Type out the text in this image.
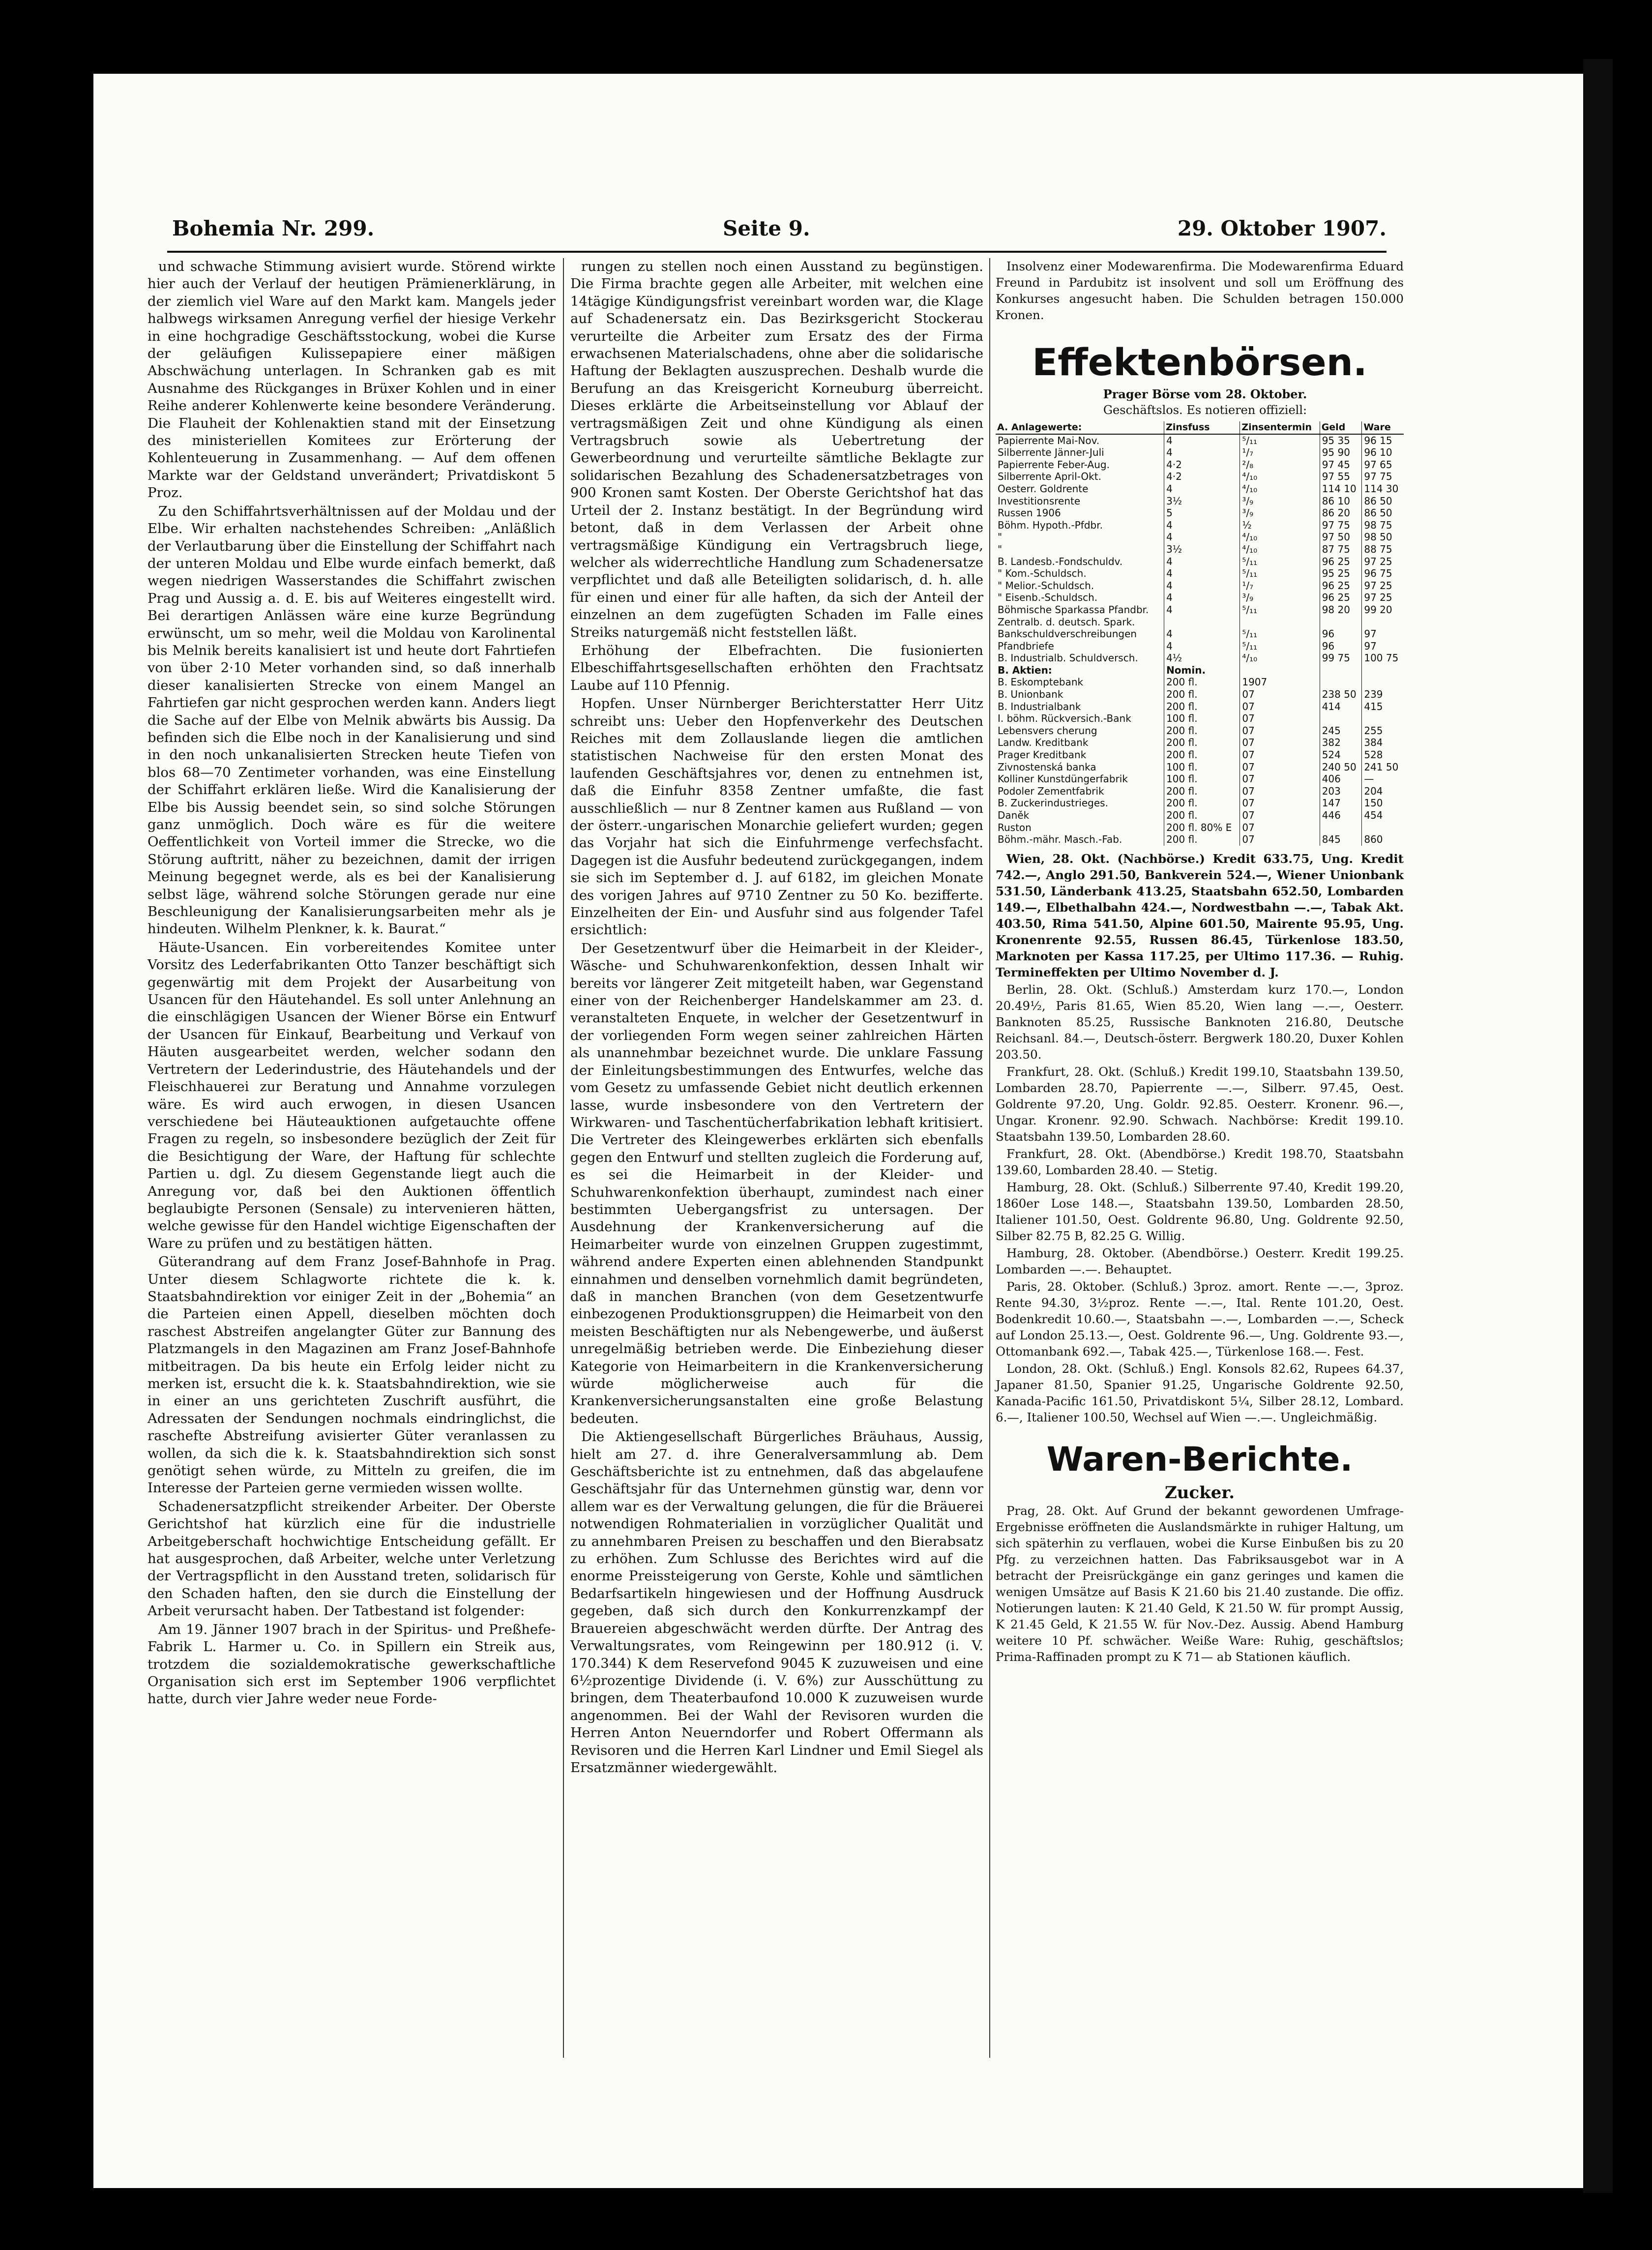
Bohemia Nr. 299.	Seite 9.	29. Oktober 1907.

und schwache Stimmung avisiert wurde. Störend wirkte hier auch der Verlauf der heutigen Prämienerklärung, in der ziemlich viel Ware auf den Markt kam. Mangels jeder halbwegs wirksamen Anregung verfiel der hiesige Verkehr in eine hochgradige Geschäftsstockung, wobei die Kurse der geläufigen Kulissepapiere einer mäßigen Abschwächung unterlagen. In Schranken gab es mit Ausnahme des Rückganges in Brüxer Kohlen und in einer Reihe anderer Kohlenwerte keine besondere Veränderung. Die Flauheit der Kohlenaktien stand mit der Einsetzung des ministeriellen Komitees zur Erörterung der Kohlenteuerung in Zusammenhang. — Auf dem offenen Markte war der Geldstand unverändert; Privatdiskont 5 Proz.

Zu den Schiffahrtsverhältnissen auf der Moldau und der Elbe. Wir erhalten nachstehendes Schreiben: „Anläßlich der Verlautbarung über die Einstellung der Schiffahrt nach der unteren Moldau und Elbe wurde einfach bemerkt, daß wegen niedrigen Wasserstandes die Schiffahrt zwischen Prag und Aussig a. d. E. bis auf Weiteres eingestellt wird. Bei derartigen Anlässen wäre eine kurze Begründung erwünscht, um so mehr, weil die Moldau von Karolinental bis Melnik bereits kanalisiert ist und heute dort Fahrtiefen von über 2·10 Meter vorhanden sind, so daß innerhalb dieser kanalisierten Strecke von einem Mangel an Fahrtiefen gar nicht gesprochen werden kann. Anders liegt die Sache auf der Elbe von Melnik abwärts bis Aussig. Da befinden sich die Elbe noch in der Kanalisierung und sind in den noch unkanalisierten Strecken heute Tiefen von blos 68—70 Zentimeter vorhanden, was eine Einstellung der Schiffahrt erklären ließe. Wird die Kanalisierung der Elbe bis Aussig beendet sein, so sind solche Störungen ganz unmöglich. Doch wäre es für die weitere Oeffentlichkeit von Vorteil immer die Strecke, wo die Störung auftritt, näher zu bezeichnen, damit der irrigen Meinung begegnet werde, als es bei der Kanalisierung selbst läge, während solche Störungen gerade nur eine Beschleunigung der Kanalisierungsarbeiten mehr als je hindeuten. Wilhelm Plenkner, k. k. Baurat.“

Häute-Usancen. Ein vorbereitendes Komitee unter Vorsitz des Lederfabrikanten Otto Tanzer beschäftigt sich gegenwärtig mit dem Projekt der Ausarbeitung von Usancen für den Häutehandel. Es soll unter Anlehnung an die einschlägigen Usancen der Wiener Börse ein Entwurf der Usancen für Einkauf, Bearbeitung und Verkauf von Häuten ausgearbeitet werden, welcher sodann den Vertretern der Lederindustrie, des Häutehandels und der Fleischhauerei zur Beratung und Annahme vorzulegen wäre. Es wird auch erwogen, in diesen Usancen verschiedene bei Häuteauktionen aufgetauchte offene Fragen zu regeln, so insbesondere bezüglich der Zeit für die Besichtigung der Ware, der Haftung für schlechte Partien u. dgl. Zu diesem Gegenstande liegt auch die Anregung vor, daß bei den Auktionen öffentlich beglaubigte Personen (Sensale) zu intervenieren hätten, welche gewisse für den Handel wichtige Eigenschaften der Ware zu prüfen und zu bestätigen hätten.

Güterandrang auf dem Franz Josef-Bahnhofe in Prag. Unter diesem Schlagworte richtete die k. k. Staatsbahndirektion vor einiger Zeit in der „Bohemia“ an die Parteien einen Appell, dieselben möchten doch raschest Abstreifen angelangter Güter zur Bannung des Platzmangels in den Magazinen am Franz Josef-Bahnhofe mitbeitragen. Da bis heute ein Erfolg leider nicht zu merken ist, ersucht die k. k. Staatsbahndirektion, wie sie in einer an uns gerichteten Zuschrift ausführt, die Adressaten der Sendungen nochmals eindringlichst, die raschefte Abstreifung avisierter Güter veranlassen zu wollen, da sich die k. k. Staatsbahndirektion sich sonst genötigt sehen würde, zu Mitteln zu greifen, die im Interesse der Parteien gerne vermieden wissen wollte.

Schadenersatzpflicht streikender Arbeiter. Der Oberste Gerichtshof hat kürzlich eine für die industrielle Arbeitgeberschaft hochwichtige Entscheidung gefällt. Er hat ausgesprochen, daß Arbeiter, welche unter Verletzung der Vertragspflicht in den Ausstand treten, solidarisch für den Schaden haften, den sie durch die Einstellung der Arbeit verursacht haben. Der Tatbestand ist folgender:

Am 19. Jänner 1907 brach in der Spiritus- und Preßhefe-Fabrik L. Harmer u. Co. in Spillern ein Streik aus, trotzdem die sozialdemokratische gewerkschaftliche Organisation sich erst im September 1906 verpflichtet hatte, durch vier Jahre weder neue Forde-

rungen zu stellen noch einen Ausstand zu begünstigen. Die Firma brachte gegen alle Arbeiter, mit welchen eine 14tägige Kündigungsfrist vereinbart worden war, die Klage auf Schadenersatz ein. Das Bezirksgericht Stockerau verurteilte die Arbeiter zum Ersatz des der Firma erwachsenen Materialschadens, ohne aber die solidarische Haftung der Beklagten auszusprechen. Deshalb wurde die Berufung an das Kreisgericht Korneuburg überreicht. Dieses erklärte die Arbeitseinstellung vor Ablauf der vertragsmäßigen Zeit und ohne Kündigung als einen Vertragsbruch sowie als Uebertretung der Gewerbeordnung und verurteilte sämtliche Beklagte zur solidarischen Bezahlung des Schadenersatzbetrages von 900 Kronen samt Kosten. Der Oberste Gerichtshof hat das Urteil der 2. Instanz bestätigt. In der Begründung wird betont, daß in dem Verlassen der Arbeit ohne vertragsmäßige Kündigung ein Vertragsbruch liege, welcher als widerrechtliche Handlung zum Schadenersatze verpflichtet und daß alle Beteiligten solidarisch, d. h. alle für einen und einer für alle haften, da sich der Anteil der einzelnen an dem zugefügten Schaden im Falle eines Streiks naturgemäß nicht feststellen läßt.

Erhöhung der Elbefrachten. Die fusionierten Elbeschiffahrtsgesellschaften erhöhten den Frachtsatz Laube auf 110 Pfennig.

Hopfen. Unser Nürnberger Berichterstatter Herr Uitz schreibt uns: Ueber den Hopfenverkehr des Deutschen Reiches mit dem Zollauslande liegen die amtlichen statistischen Nachweise für den ersten Monat des laufenden Geschäftsjahres vor, denen zu entnehmen ist, daß die Einfuhr 8358 Zentner umfaßte, die fast ausschließlich — nur 8 Zentner kamen aus Rußland — von der österr.-ungarischen Monarchie geliefert wurden; gegen das Vorjahr hat sich die Einfuhrmenge verfechsfacht. Dagegen ist die Ausfuhr bedeutend zurückgegangen, indem sie sich im September d. J. auf 6182, im gleichen Monate des vorigen Jahres auf 9710 Zentner zu 50 Ko. bezifferte. Einzelheiten der Ein- und Ausfuhr sind aus folgender Tafel ersichtlich:

Der Gesetzentwurf über die Heimarbeit in der Kleider-, Wäsche- und Schuhwarenkonfektion, dessen Inhalt wir bereits vor längerer Zeit mitgeteilt haben, war Gegenstand einer von der Reichenberger Handelskammer am 23. d. veranstalteten Enquete, in welcher der Gesetzentwurf in der vorliegenden Form wegen seiner zahlreichen Härten als unannehmbar bezeichnet wurde. Die unklare Fassung der Einleitungsbestimmungen des Entwurfes, welche das vom Gesetz zu umfassende Gebiet nicht deutlich erkennen lasse, wurde insbesondere von den Vertretern der Wirkwaren- und Taschentücherfabrikation lebhaft kritisiert. Die Vertreter des Kleingewerbes erklärten sich ebenfalls gegen den Entwurf und stellten zugleich die Forderung auf, es sei die Heimarbeit in der Kleider- und Schuhwarenkonfektion überhaupt, zumindest nach einer bestimmten Uebergangsfrist zu untersagen. Der Ausdehnung der Krankenversicherung auf die Heimarbeiter wurde von einzelnen Gruppen zugestimmt, während andere Experten einen ablehnenden Standpunkt einnahmen und denselben vornehmlich damit begründeten, daß in manchen Branchen (von dem Gesetzentwurfe einbezogenen Produktionsgruppen) die Heimarbeit von den meisten Beschäftigten nur als Nebengewerbe, und äußerst unregelmäßig betrieben werde. Die Einbeziehung dieser Kategorie von Heimarbeitern in die Krankenversicherung würde möglicherweise auch für die Krankenversicherungsanstalten eine große Belastung bedeuten.

Die Aktiengesellschaft Bürgerliches Bräuhaus, Aussig, hielt am 27. d. ihre Generalversammlung ab. Dem Geschäftsberichte ist zu entnehmen, daß das abgelaufene Geschäftsjahr für das Unternehmen günstig war, denn vor allem war es der Verwaltung gelungen, die für die Bräuerei notwendigen Rohmaterialien in vorzüglicher Qualität und zu annehmbaren Preisen zu beschaffen und den Bierabsatz zu erhöhen. Zum Schlusse des Berichtes wird auf die enorme Preissteigerung von Gerste, Kohle und sämtlichen Bedarfsartikeln hingewiesen und der Hoffnung Ausdruck gegeben, daß sich durch den Konkurrenzkampf der Brauereien abgeschwächt werden dürfte. Der Antrag des Verwaltungsrates, vom Reingewinn per 180.912 (i. V. 170.344) K dem Reservefond 9045 K zuzuweisen und eine 6½prozentige Dividende (i. V. 6%) zur Ausschüttung zu bringen, dem Theaterbaufond 10.000 K zuzuweisen wurde angenommen. Bei der Wahl der Revisoren wurden die Herren Anton Neuerndorfer und Robert Offermann als Revisoren und die Herren Karl Lindner und Emil Siegel als Ersatzmänner wiedergewählt.

Insolvenz einer Modewarenfirma. Die Modewarenfirma Eduard Freund in Pardubitz ist insolvent und soll um Eröffnung des Konkurses angesucht haben. Die Schulden betragen 150.000 Kronen.

Effektenbörsen.

Prager Börse vom 28. Oktober.

Geschäftslos. Es notieren offiziell:

A. Anlagewerte:	Zinsfuss	Zinsentermin	Geld	Ware
Papierrente Mai-Nov.	4	⁵/₁₁	95 35	96 15
Silberrente Jänner-Juli	4	¹/₇	95 90	96 10
Papierrente Feber-Aug.	4·2	²/₈	97 45	97 65
Silberrente April-Okt.	4·2	⁴/₁₀	97 55	97 75
Oesterr. Goldrente	4	⁴/₁₀	114 10	114 30
Investitionsrente	3½	³/₉	86 10	86 50
Russen 1906	5	³/₉	86 20	86 50
Böhm. Hypoth.-Pfdbr.	4	½	97 75	98 75
"	4	⁴/₁₀	97 50	98 50
"	3½	⁴/₁₀	87 75	88 75
B. Landesb.-Fondschuldv.	4	⁵/₁₁	96 25	97 25
" Kom.-Schuldsch.	4	⁵/₁₁	95 25	96 75
" Melior.-Schuldsch.	4	¹/₇	96 25	97 25
" Eisenb.-Schuldsch.	4	³/₉	96 25	97 25
Böhmische Sparkassa Pfandbr.	4	⁵/₁₁	98 20	99 20
Zentralb. d. deutsch. Spark.				
Bankschuldverschreibungen	4	⁵/₁₁	96	97
Pfandbriefe	4	⁵/₁₁	96	97
B. Industrialb. Schuldversch.	4½	⁴/₁₀	99 75	100 75
B. Aktien:	Nomin.			
B. Eskomptebank	200 fl.	1907		
B. Unionbank	200 fl.	07	238 50	239
B. Industrialbank	200 fl.	07	414	415
I. böhm. Rückversich.-Bank	100 fl.	07		
Lebensvers cherung	200 fl.	07	245	255
Landw. Kreditbank	200 fl.	07	382	384
Prager Kreditbank	200 fl.	07	524	528
Zivnostenská banka	100 fl.	07	240 50	241 50
Kolliner Kunstdüngerfabrik	100 fl.	07	406	—
Podoler Zementfabrik	200 fl.	07	203	204
B. Zuckerindustrieges.	200 fl.	07	147	150
Daněk	200 fl.	07	446	454
Ruston	200 fl. 80% E	07		
Böhm.-mähr. Masch.-Fab.	200 fl.	07	845	860

Wien, 28. Okt. (Nachbörse.) Kredit 633.75, Ung. Kredit 742.—, Anglo 291.50, Bankverein 524.—, Wiener Unionbank 531.50, Länderbank 413.25, Staatsbahn 652.50, Lombarden 149.—, Elbethalbahn 424.—, Nordwestbahn —.—, Tabak Akt. 403.50, Rima 541.50, Alpine 601.50, Mairente 95.95, Ung. Kronenrente 92.55, Russen 86.45, Türkenlose 183.50, Marknoten per Kassa 117.25, per Ultimo 117.36. — Ruhig. Termineffekten per Ultimo November d. J.

Berlin, 28. Okt. (Schluß.) Amsterdam kurz 170.—, London 20.49½, Paris 81.65, Wien 85.20, Wien lang —.—, Oesterr. Banknoten 85.25, Russische Banknoten 216.80, Deutsche Reichsanl. 84.—, Deutsch-österr. Bergwerk 180.20, Duxer Kohlen 203.50.

Frankfurt, 28. Okt. (Schluß.) Kredit 199.10, Staatsbahn 139.50, Lombarden 28.70, Papierrente —.—, Silberr. 97.45, Oest. Goldrente 97.20, Ung. Goldr. 92.85. Oesterr. Kronenr. 96.—, Ungar. Kronenr. 92.90. Schwach. Nachbörse: Kredit 199.10. Staatsbahn 139.50, Lombarden 28.60.

Frankfurt, 28. Okt. (Abendbörse.) Kredit 198.70, Staatsbahn 139.60, Lombarden 28.40. — Stetig.

Hamburg, 28. Okt. (Schluß.) Silberrente 97.40, Kredit 199.20, 1860er Lose 148.—, Staatsbahn 139.50, Lombarden 28.50, Italiener 101.50, Oest. Goldrente 96.80, Ung. Goldrente 92.50, Silber 82.75 B, 82.25 G. Willig.

Hamburg, 28. Oktober. (Abendbörse.) Oesterr. Kredit 199.25. Lombarden —.—. Behauptet.

Paris, 28. Oktober. (Schluß.) 3proz. amort. Rente —.—, 3proz. Rente 94.30, 3½proz. Rente —.—, Ital. Rente 101.20, Oest. Bodenkredit 10.60.—, Staatsbahn —.—, Lombarden —.—, Scheck auf London 25.13.—, Oest. Goldrente 96.—, Ung. Goldrente 93.—, Ottomanbank 692.—, Tabak 425.—, Türkenlose 168.—. Fest.

London, 28. Okt. (Schluß.) Engl. Konsols 82.62, Rupees 64.37, Japaner 81.50, Spanier 91.25, Ungarische Goldrente 92.50, Kanada-Pacific 161.50, Privatdiskont 5¼, Silber 28.12, Lombard. 6.—, Italiener 100.50, Wechsel auf Wien —.—. Ungleichmäßig.

Waren-Berichte.
Zucker.

Prag, 28. Okt. Auf Grund der bekannt gewordenen Umfrage-Ergebnisse eröffneten die Auslandsmärkte in ruhiger Haltung, um sich späterhin zu verflauen, wobei die Kurse Einbußen bis zu 20 Pfg. zu verzeichnen hatten. Das Fabriksausgebot war in A betracht der Preisrückgänge ein ganz geringes und kamen die wenigen Umsätze auf Basis K 21.60 bis 21.40 zustande. Die offiz. Notierungen lauten: K 21.40 Geld, K 21.50 W. für prompt Aussig, K 21.45 Geld, K 21.55 W. für Nov.-Dez. Aussig. Abend Hamburg weitere 10 Pf. schwächer. Weiße Ware: Ruhig, geschäftslos; Prima-Raffinaden prompt zu K 71— ab Stationen käuflich.
